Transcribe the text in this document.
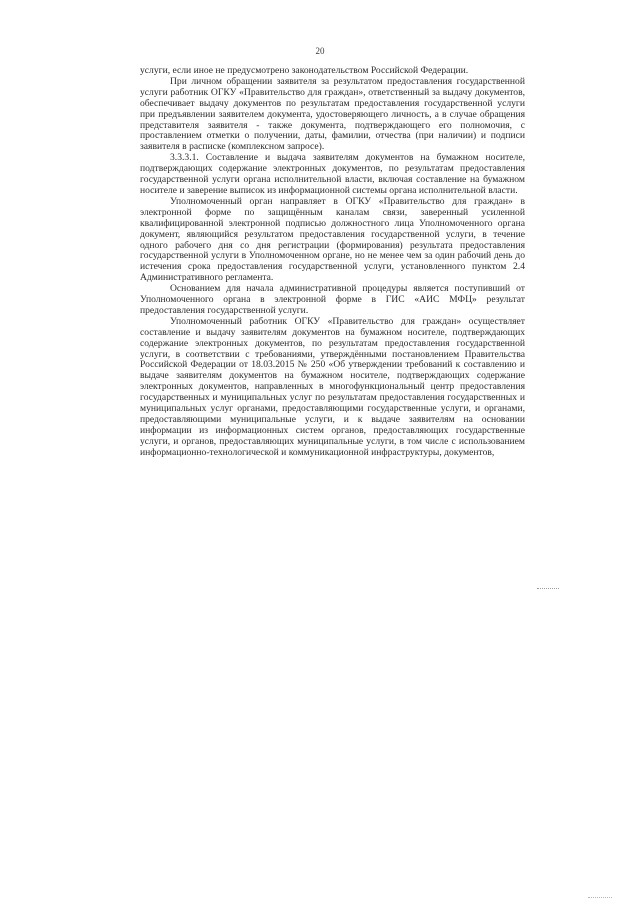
20

услуги, если иное не предусмотрено законодательством Российской Федерации.

При личном обращении заявителя за результатом предоставления государственной услуги работник ОГКУ «Правительство для граждан», ответственный за выдачу документов, обеспечивает выдачу документов по результатам предоставления государственной услуги при предъявлении заявителем документа, удостоверяющего личность, а в случае обращения представителя заявителя - также документа, подтверждающего его полномочия, с проставлением отметки о получении, даты, фамилии, отчества (при наличии) и подписи заявителя в расписке (комплексном запросе).

3.3.3.1. Составление и выдача заявителям документов на бумажном носителе, подтверждающих содержание электронных документов, по результатам предоставления государственной услуги органа исполнительной власти, включая составление на бумажном носителе и заверение выписок из информационной системы органа исполнительной власти.

Уполномоченный орган направляет в ОГКУ «Правительство для граждан» в электронной форме по защищённым каналам связи, заверенный усиленной квалифицированной электронной подписью должностного лица Уполномоченного органа документ, являющийся результатом предоставления государственной услуги, в течение одного рабочего дня со дня регистрации (формирования) результата предоставления государственной услуги в Уполномоченном органе, но не менее чем за один рабочий день до истечения срока предоставления государственной услуги, установленного пунктом 2.4 Административного регламента.

Основанием для начала административной процедуры является поступивший от Уполномоченного органа в электронной форме в ГИС «АИС МФЦ» результат предоставления государственной услуги.

Уполномоченный работник ОГКУ «Правительство для граждан» осуществляет составление и выдачу заявителям документов на бумажном носителе, подтверждающих содержание электронных документов, по результатам предоставления государственной услуги, в соответствии с требованиями, утверждёнными постановлением Правительства Российской Федерации от 18.03.2015 № 250 «Об утверждении требований к составлению и выдаче заявителям документов на бумажном носителе, подтверждающих содержание электронных документов, направленных в многофункциональный центр предоставления государственных и муниципальных услуг по результатам предоставления государственных и муниципальных услуг органами, предоставляющими государственные услуги, и органами, предоставляющими муниципальные услуги, и к выдаче заявителям на основании информации из информационных систем органов, предоставляющих государственные услуги, и органов, предоставляющих муниципальные услуги, в том числе с использованием информационно-технологической и коммуникационной инфраструктуры, документов,
